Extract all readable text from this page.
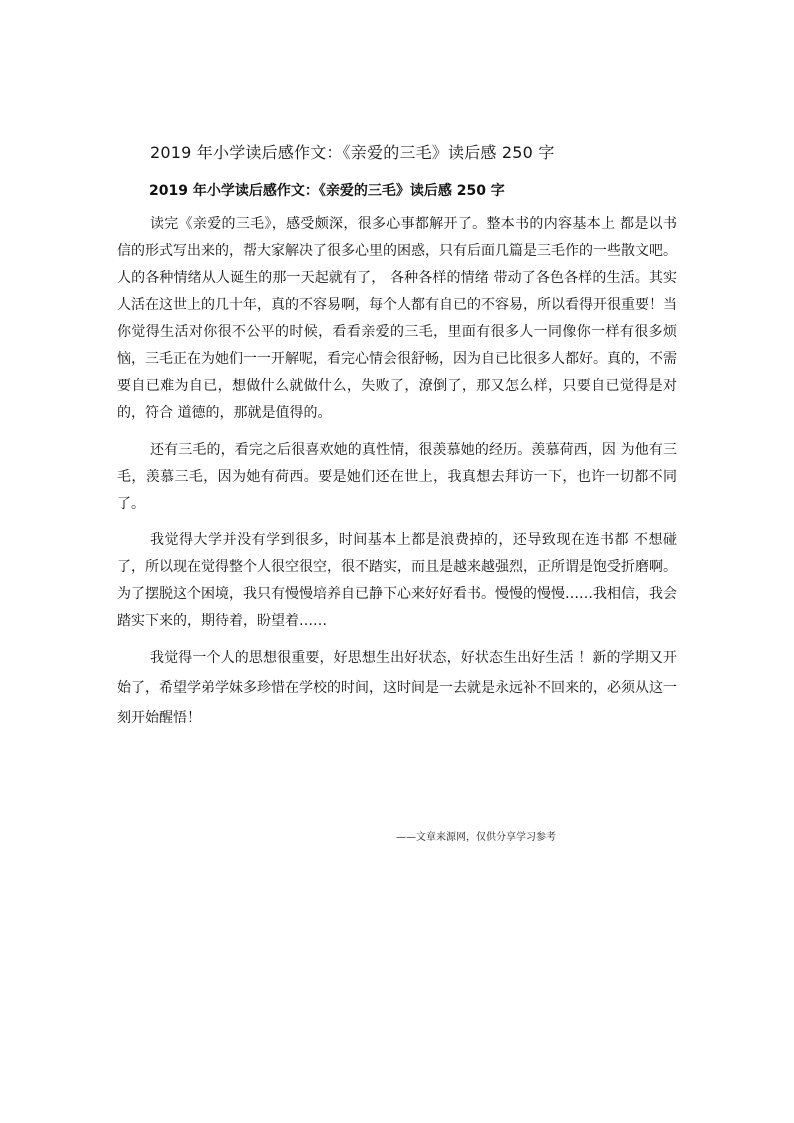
2019 年小学读后感作文：《亲爱的三毛》读后感 250 字
2019 年小学读后感作文：《亲爱的三毛》读后感 250 字

读完《亲爱的三毛》，感受颇深，很多心事都解开了。整本书的内容基本上 都是以书信的形式写出来的，帮大家解决了很多心里的困惑，只有后面几篇是三毛作的一些散文吧。人的各种情绪从人诞生的那一天起就有了， 各种各样的情绪 带动了各色各样的生活。其实人活在这世上的几十年，真的不容易啊，每个人都有自已的不容易，所以看得开很重要！当你觉得生活对你很不公平的时候，看看亲爱的三毛，里面有很多人一同像你一样有很多烦恼，三毛正在为她们一一开解呢，看完心情会很舒畅，因为自已比很多人都好。真的，不需要自已难为自已，想做什么就做什么，失败了，潦倒了，那又怎么样，只要自已觉得是对的，符合 道德的，那就是值得的。

还有三毛的，看完之后很喜欢她的真性情，很羡慕她的经历。羡慕荷西，因 为他有三毛，羡慕三毛，因为她有荷西。要是她们还在世上，我真想去拜访一下，也许一切都不同了。

我觉得大学并没有学到很多，时间基本上都是浪费掉的，还导致现在连书都 不想碰了，所以现在觉得整个人很空很空，很不踏实，而且是越来越强烈，正所谓是饱受折磨啊。为了摆脱这个困境，我只有慢慢培养自已静下心来好好看书。慢慢的慢慢……我相信，我会踏实下来的，期待着，盼望着……

我觉得一个人的思想很重要，好思想生出好状态，好状态生出好生活 ！新的学期又开始了，希望学弟学妹多珍惜在学校的时间，这时间是一去就是永远补不回来的，必须从这一刻开始醒悟！

——文章来源网，仅供分享学习参考
